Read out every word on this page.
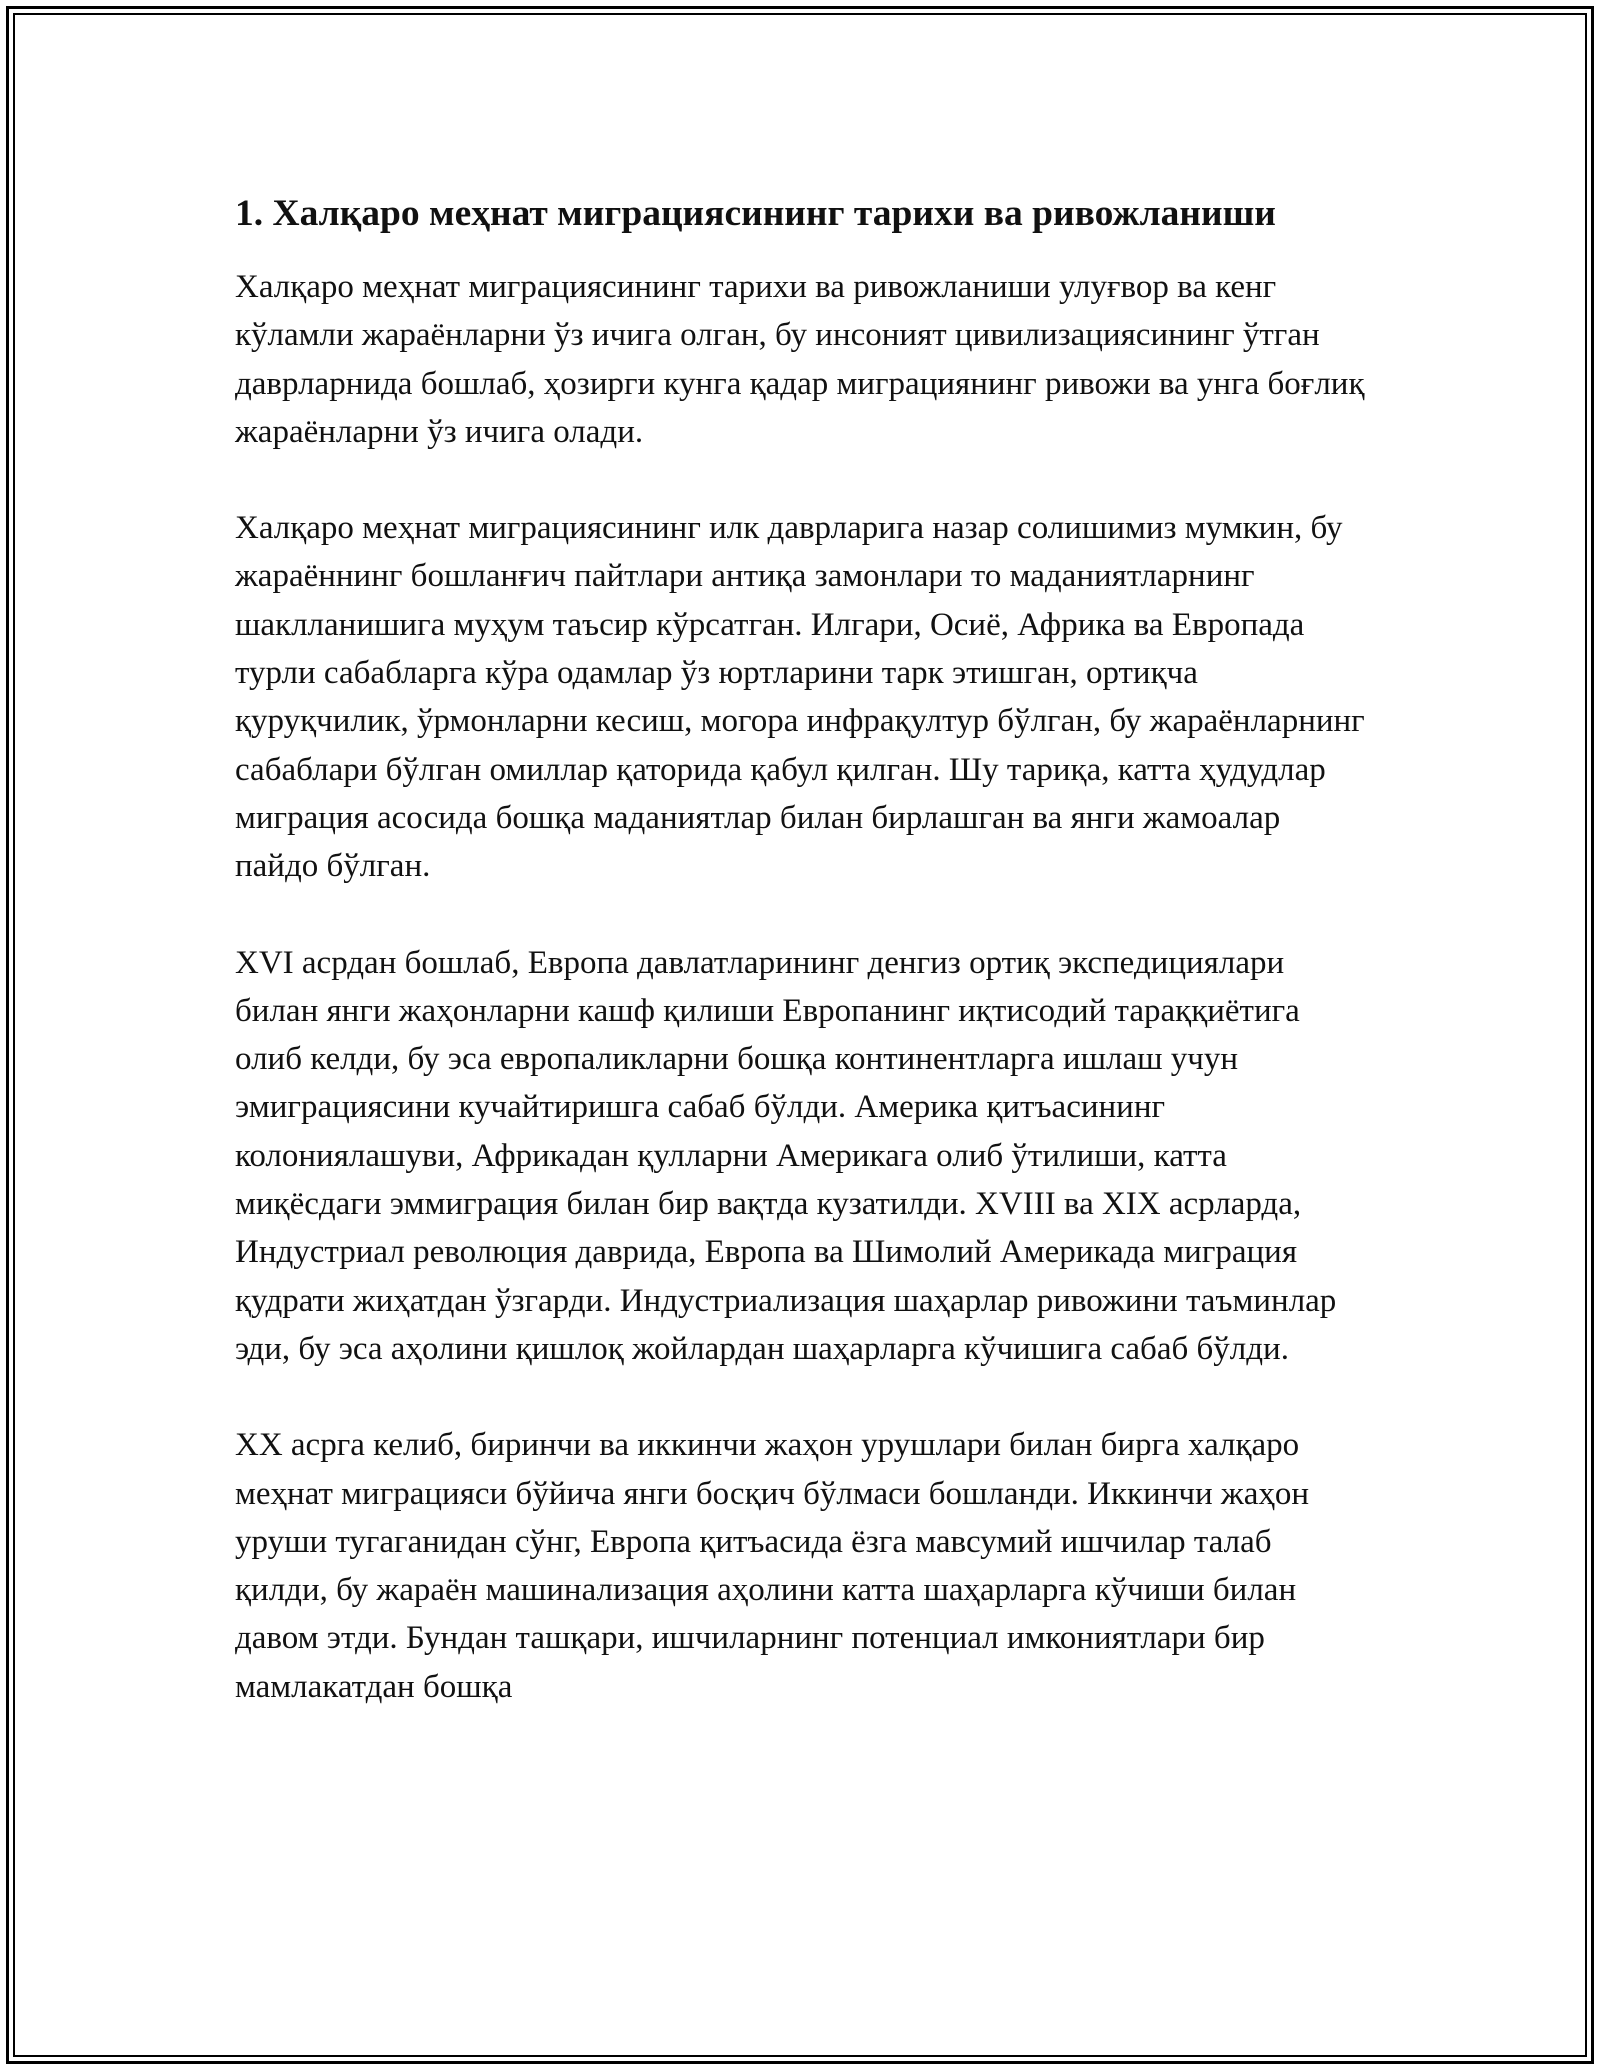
1. Халқаро меҳнат миграциясининг тарихи ва ривожланиши

Халқаро меҳнат миграциясининг тарихи ва ривожланиши улуғвор ва кенг кўламли жараёнларни ўз ичига олган, бу инсоният цивилизациясининг ўтган даврларнида бошлаб, ҳозирги кунга қадар миграциянинг ривожи ва унга боғлиқ жараёнларни ўз ичига олади.

Халқаро меҳнат миграциясининг илк даврларига назар солишимиз мумкин, бу жараённинг бошланғич пайтлари антиқа замонлари то маданиятларнинг шаклланишига муҳум таъсир кўрсатган. Илгари, Осиё, Африка ва Европада турли сабабларга кўра одамлар ўз юртларини тарк этишган, ортиқча қуруқчилик, ўрмонларни кесиш, могора инфрақултур бўлган, бу жараёнларнинг сабаблари бўлган омиллар қаторида қабул қилган. Шу тариқа, катта ҳудудлар миграция асосида бошқа маданиятлар билан бирлашган ва янги жамоалар пайдо бўлган.

XVI асрдан бошлаб, Европа давлатларининг денгиз ортиқ экспедициялари билан янги жаҳонларни кашф қилиши Европанинг иқтисодий тараққиётига олиб келди, бу эса европаликларни бошқа континентларга ишлаш учун эмиграциясини кучайтиришга сабаб бўлди. Америка қитъасининг колониялашуви, Африкадан қулларни Америкага олиб ўтилиши, катта миқёсдаги эммиграция билан бир вақтда кузатилди. XVIII ва XIX асрларда, Индустриал революция даврида, Европа ва Шимолий Америкада миграция қудрати жиҳатдан ўзгарди. Индустриализация шаҳарлар ривожини таъминлар эди, бу эса аҳолини қишлоқ жойлардан шаҳарларга кўчишига сабаб бўлди.

XX асрга келиб, биринчи ва иккинчи жаҳон урушлари билан бирга халқаро меҳнат миграцияси бўйича янги босқич бўлмаси бошланди. Иккинчи жаҳон уруши тугаганидан сўнг, Европа қитъасида ёзга мавсумий ишчилар талаб қилди, бу жараён машинализация аҳолини катта шаҳарларга кўчиши билан давом этди. Бундан ташқари, ишчиларнинг потенциал имкониятлари бир мамлакатдан бошқа
